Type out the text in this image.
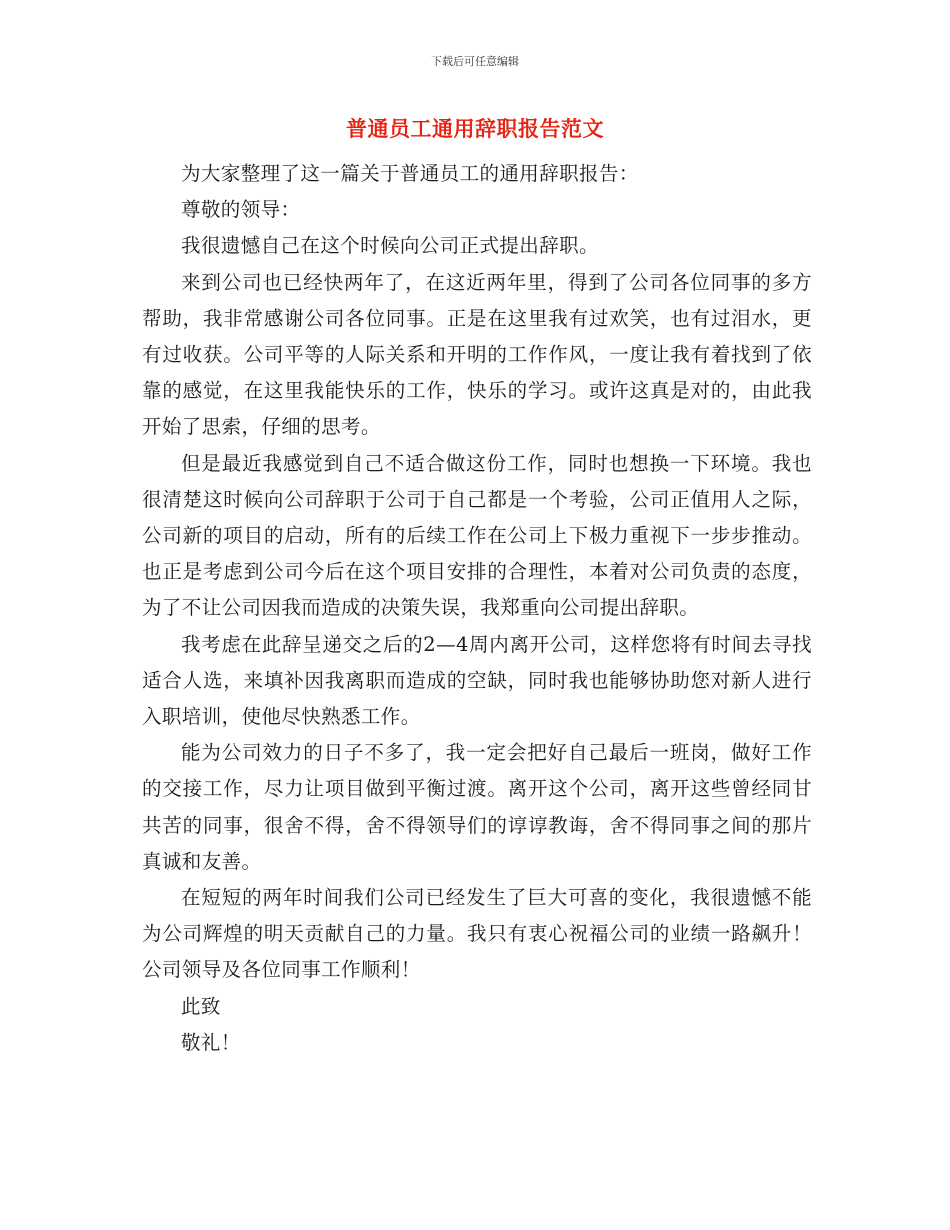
下载后可任意编辑
普通员工通用辞职报告范文

为大家整理了这一篇关于普通员工的通用辞职报告：

尊敬的领导：

我很遗憾自己在这个时候向公司正式提出辞职。

来到公司也已经快两年了，在这近两年里，得到了公司各位同事的多方帮助，我非常感谢公司各位同事。正是在这里我有过欢笑，也有过泪水，更有过收获。公司平等的人际关系和开明的工作作风，一度让我有着找到了依靠的感觉，在这里我能快乐的工作，快乐的学习。或许这真是对的，由此我开始了思索，仔细的思考。

但是最近我感觉到自己不适合做这份工作，同时也想换一下环境。我也很清楚这时候向公司辞职于公司于自己都是一个考验，公司正值用人之际，公司新的项目的启动，所有的后续工作在公司上下极力重视下一步步推动。也正是考虑到公司今后在这个项目安排的合理性，本着对公司负责的态度，为了不让公司因我而造成的决策失误，我郑重向公司提出辞职。

我考虑在此辞呈递交之后的2—4周内离开公司，这样您将有时间去寻找适合人选，来填补因我离职而造成的空缺，同时我也能够协助您对新人进行入职培训，使他尽快熟悉工作。

能为公司效力的日子不多了，我一定会把好自己最后一班岗，做好工作的交接工作，尽力让项目做到平衡过渡。离开这个公司，离开这些曾经同甘共苦的同事，很舍不得，舍不得领导们的谆谆教诲，舍不得同事之间的那片真诚和友善。

在短短的两年时间我们公司已经发生了巨大可喜的变化，我很遗憾不能为公司辉煌的明天贡献自己的力量。我只有衷心祝福公司的业绩一路飙升！公司领导及各位同事工作顺利！

此致

敬礼！
